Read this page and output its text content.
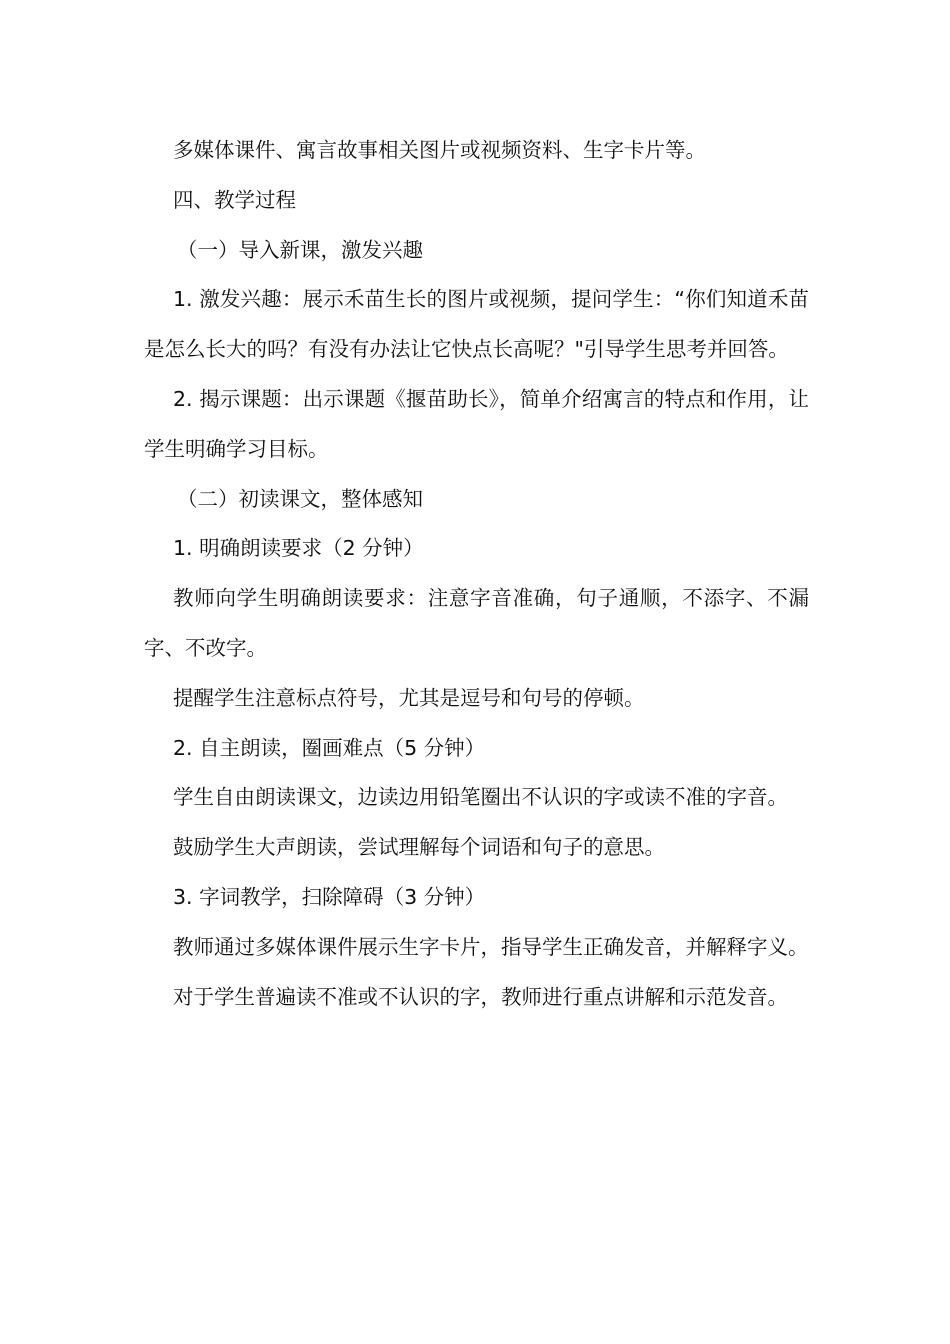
多媒体课件、寓言故事相关图片或视频资料、生字卡片等。

四、教学过程

（一）导入新课，激发兴趣

1. 激发兴趣：展示禾苗生长的图片或视频，提问学生：“你们知道禾苗是怎么长大的吗？有没有办法让它快点长高呢？"引导学生思考并回答。

2. 揭示课题：出示课题《揠苗助长》，简单介绍寓言的特点和作用，让学生明确学习目标。

（二）初读课文，整体感知

1. 明确朗读要求（2 分钟）

教师向学生明确朗读要求：注意字音准确，句子通顺，不添字、不漏字、不改字。

提醒学生注意标点符号，尤其是逗号和句号的停顿。

2. 自主朗读，圈画难点（5 分钟）

学生自由朗读课文，边读边用铅笔圈出不认识的字或读不准的字音。

鼓励学生大声朗读，尝试理解每个词语和句子的意思。

3. 字词教学，扫除障碍（3 分钟）

教师通过多媒体课件展示生字卡片，指导学生正确发音，并解释字义。

对于学生普遍读不准或不认识的字，教师进行重点讲解和示范发音。
